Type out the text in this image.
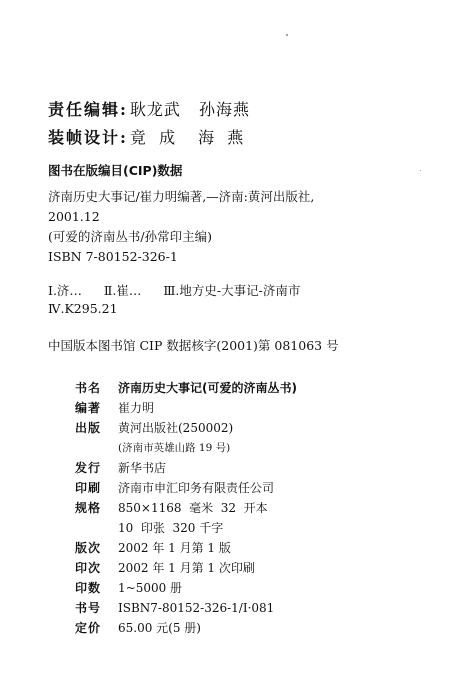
责任编辑: 耿龙武 孙海燕
装帧设计: 竟  成 海  燕
图书在版编目(CIP)数据
济南历史大事记/崔力明编著,—济南:黄河出版社,
2001.12
(可爱的济南丛书/孙常印主编)
ISBN 7-80152-326-1
Ⅰ.济… Ⅱ.崔… Ⅲ.地方史-大事记-济南市
Ⅳ.K295.21
中国版本图书馆 CIP 数据核字(2001)第 081063 号
书名	济南历史大事记(可爱的济南丛书)
编著	崔力明
出版	黄河出版社(250002)
(济南市英雄山路 19 号)
发行	新华书店
印刷	济南市申汇印务有限责任公司
规格	850×1168  毫米  32  开本
10  印张  320 千字
版次	2002 年 1 月第 1 版
印次	2002 年 1 月第 1 次印刷
印数	1~5000 册
书号	ISBN7-80152-326-1/Ⅰ·081
定价	65.00 元(5 册)
